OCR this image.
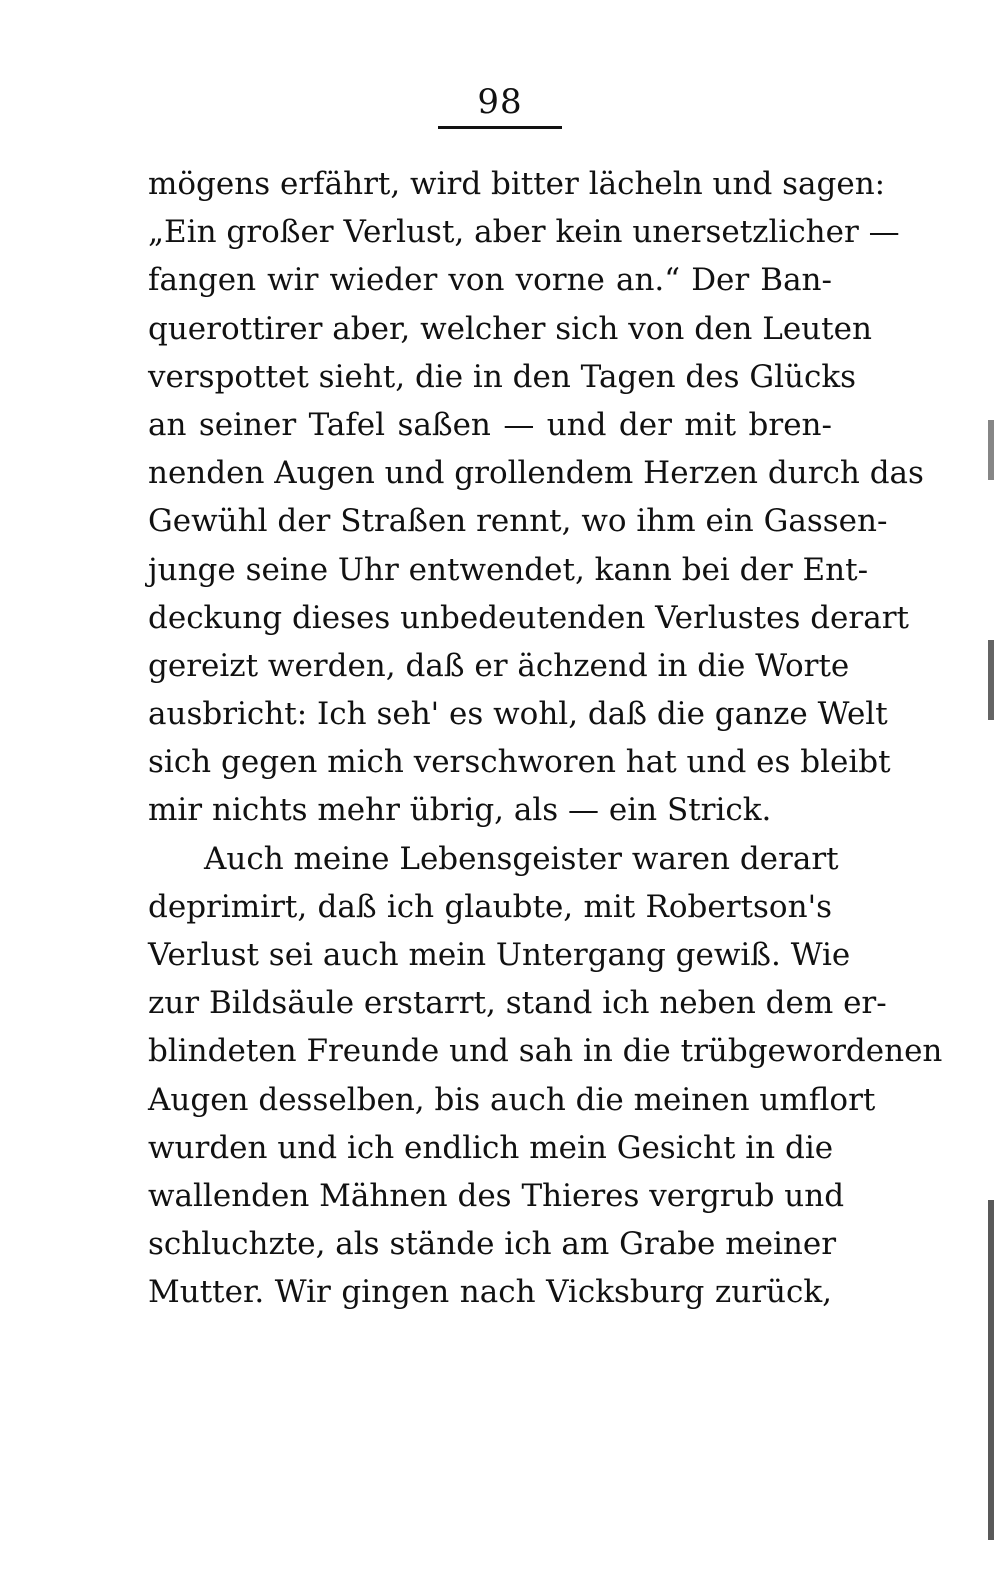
98
mögens erfährt, wird bitter lächeln und sagen:
„Ein großer Verlust, aber kein unersetzlicher —
fangen wir wieder von vorne an.“ Der Ban-
querottirer aber, welcher sich von den Leuten
verspottet sieht, die in den Tagen des Glücks
an seiner Tafel saßen — und der mit bren-
nenden Augen und grollendem Herzen durch das
Gewühl der Straßen rennt, wo ihm ein Gassen-
junge seine Uhr entwendet, kann bei der Ent-
deckung dieses unbedeutenden Verlustes derart
gereizt werden, daß er ächzend in die Worte
ausbricht: Ich seh' es wohl, daß die ganze Welt
sich gegen mich verschworen hat und es bleibt
mir nichts mehr übrig, als — ein Strick.
Auch meine Lebensgeister waren derart
deprimirt, daß ich glaubte, mit Robertson's
Verlust sei auch mein Untergang gewiß. Wie
zur Bildsäule erstarrt, stand ich neben dem er-
blindeten Freunde und sah in die trübgewordenen
Augen desselben, bis auch die meinen umflort
wurden und ich endlich mein Gesicht in die
wallenden Mähnen des Thieres vergrub und
schluchzte, als stände ich am Grabe meiner
Mutter. Wir gingen nach Vicksburg zurück,
